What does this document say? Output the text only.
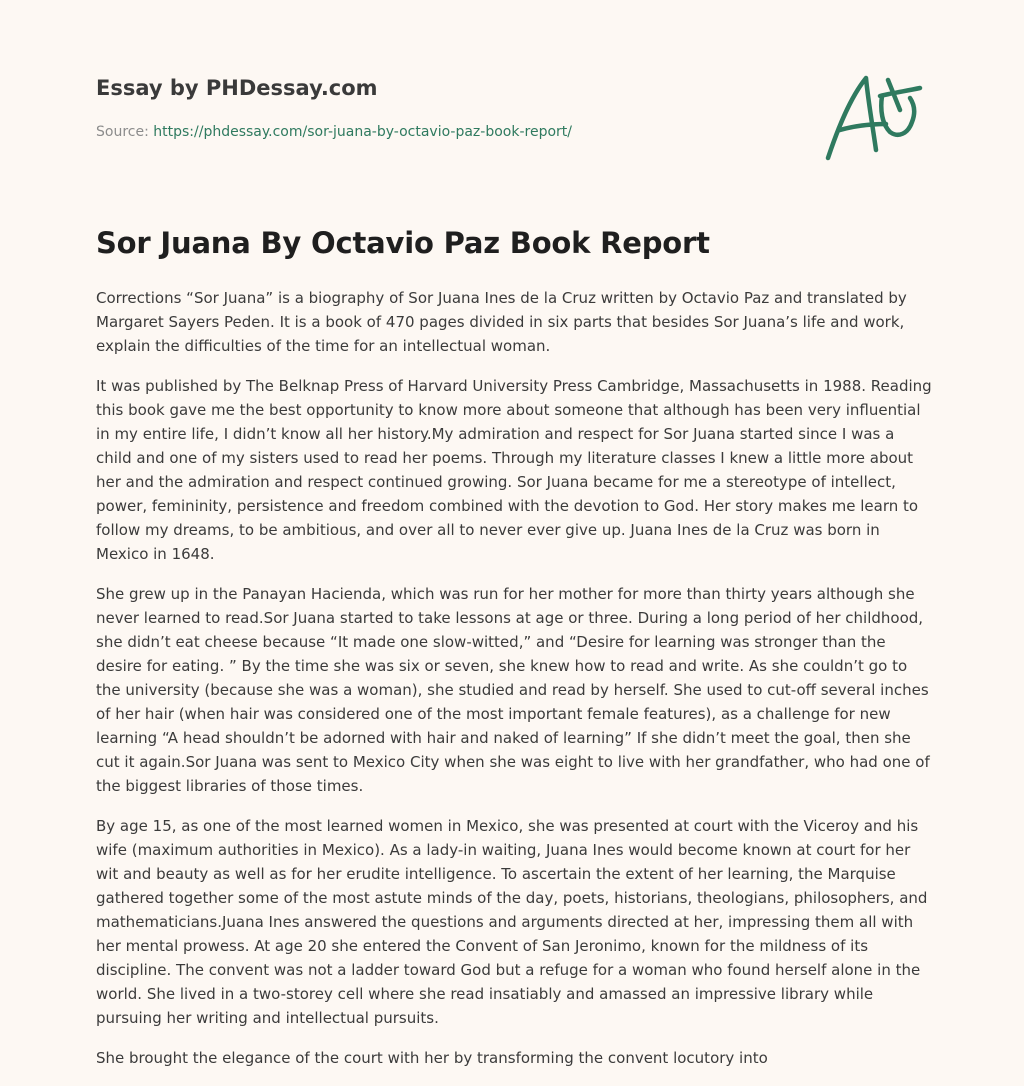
Essay by PHDessay.com

Source: https://phdessay.com/sor-juana-by-octavio-paz-book-report/

Sor Juana By Octavio Paz Book Report

Corrections “Sor Juana” is a biography of Sor Juana Ines de la Cruz written by Octavio Paz and translated by Margaret Sayers Peden. It is a book of 470 pages divided in six parts that besides Sor Juana’s life and work, explain the difficulties of the time for an intellectual woman.

It was published by The Belknap Press of Harvard University Press Cambridge, Massachusetts in 1988. Reading this book gave me the best opportunity to know more about someone that although has been very influential in my entire life, I didn’t know all her history.My admiration and respect for Sor Juana started since I was a child and one of my sisters used to read her poems. Through my literature classes I knew a little more about her and the admiration and respect continued growing. Sor Juana became for me a stereotype of intellect, power, femininity, persistence and freedom combined with the devotion to God. Her story makes me learn to follow my dreams, to be ambitious, and over all to never ever give up. Juana Ines de la Cruz was born in Mexico in 1648.

She grew up in the Panayan Hacienda, which was run for her mother for more than thirty years although she never learned to read.Sor Juana started to take lessons at age or three. During a long period of her childhood, she didn’t eat cheese because “It made one slow-witted,” and “Desire for learning was stronger than the desire for eating. ” By the time she was six or seven, she knew how to read and write. As she couldn’t go to the university (because she was a woman), she studied and read by herself. She used to cut-off several inches of her hair (when hair was considered one of the most important female features), as a challenge for new learning “A head shouldn’t be adorned with hair and naked of learning” If she didn’t meet the goal, then she cut it again.Sor Juana was sent to Mexico City when she was eight to live with her grandfather, who had one of the biggest libraries of those times.

By age 15, as one of the most learned women in Mexico, she was presented at court with the Viceroy and his wife (maximum authorities in Mexico). As a lady-in waiting, Juana Ines would become known at court for her wit and beauty as well as for her erudite intelligence. To ascertain the extent of her learning, the Marquise gathered together some of the most astute minds of the day, poets, historians, theologians, philosophers, and mathematicians.Juana Ines answered the questions and arguments directed at her, impressing them all with her mental prowess. At age 20 she entered the Convent of San Jeronimo, known for the mildness of its discipline. The convent was not a ladder toward God but a refuge for a woman who found herself alone in the world. She lived in a two-storey cell where she read insatiably and amassed an impressive library while pursuing her writing and intellectual pursuits.

She brought the elegance of the court with her by transforming the convent locutory into
